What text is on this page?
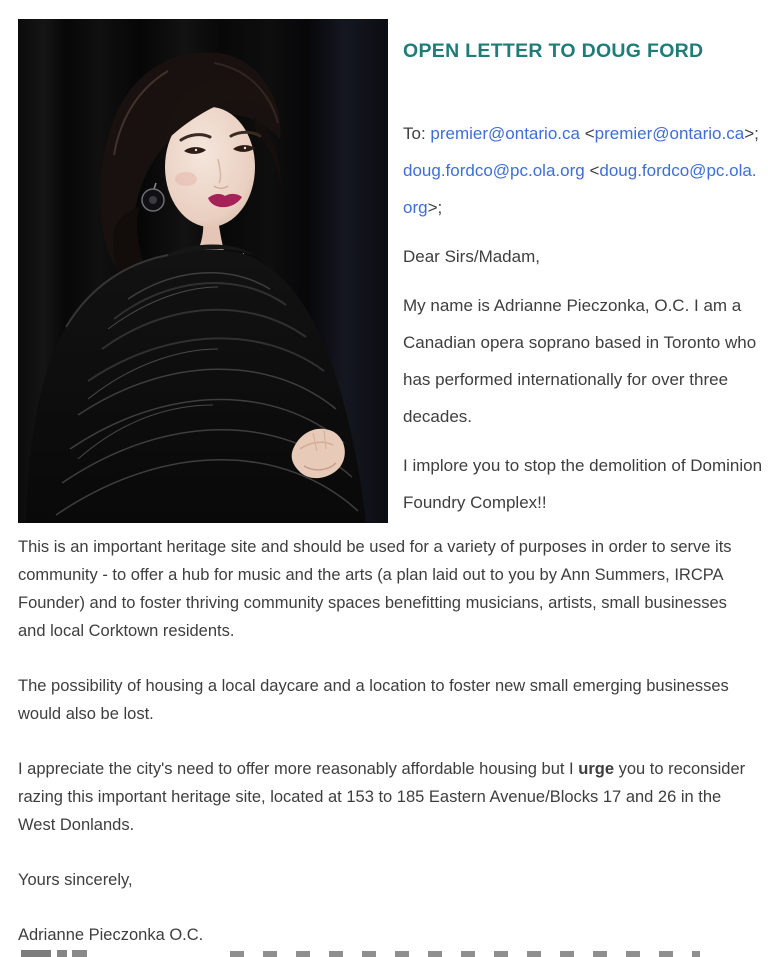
OPEN LETTER TO DOUG FORD

To: premier@ontario.ca <premier@ontario.ca>; doug.fordco@pc.ola.org <doug.fordco@pc.ola.org>;

Dear Sirs/Madam,

My name is Adrianne Pieczonka, O.C. I am a Canadian opera soprano based in Toronto who has performed internationally for over three decades.

I implore you to stop the demolition of Dominion Foundry Complex!!

This is an important heritage site and should be used for a variety of purposes in order to serve its community - to offer a hub for music and the arts (a plan laid out to you by Ann Summers, IRCPA Founder) and to foster thriving community spaces benefitting musicians, artists, small businesses and local Corktown residents.

The possibility of housing a local daycare and a location to foster new small emerging businesses would also be lost.

I appreciate the city's need to offer more reasonably affordable housing but I urge you to reconsider razing this important heritage site, located at 153 to 185 Eastern Avenue/Blocks 17 and 26 in the West Donlands.

Yours sincerely,

Adrianne Pieczonka O.C.
